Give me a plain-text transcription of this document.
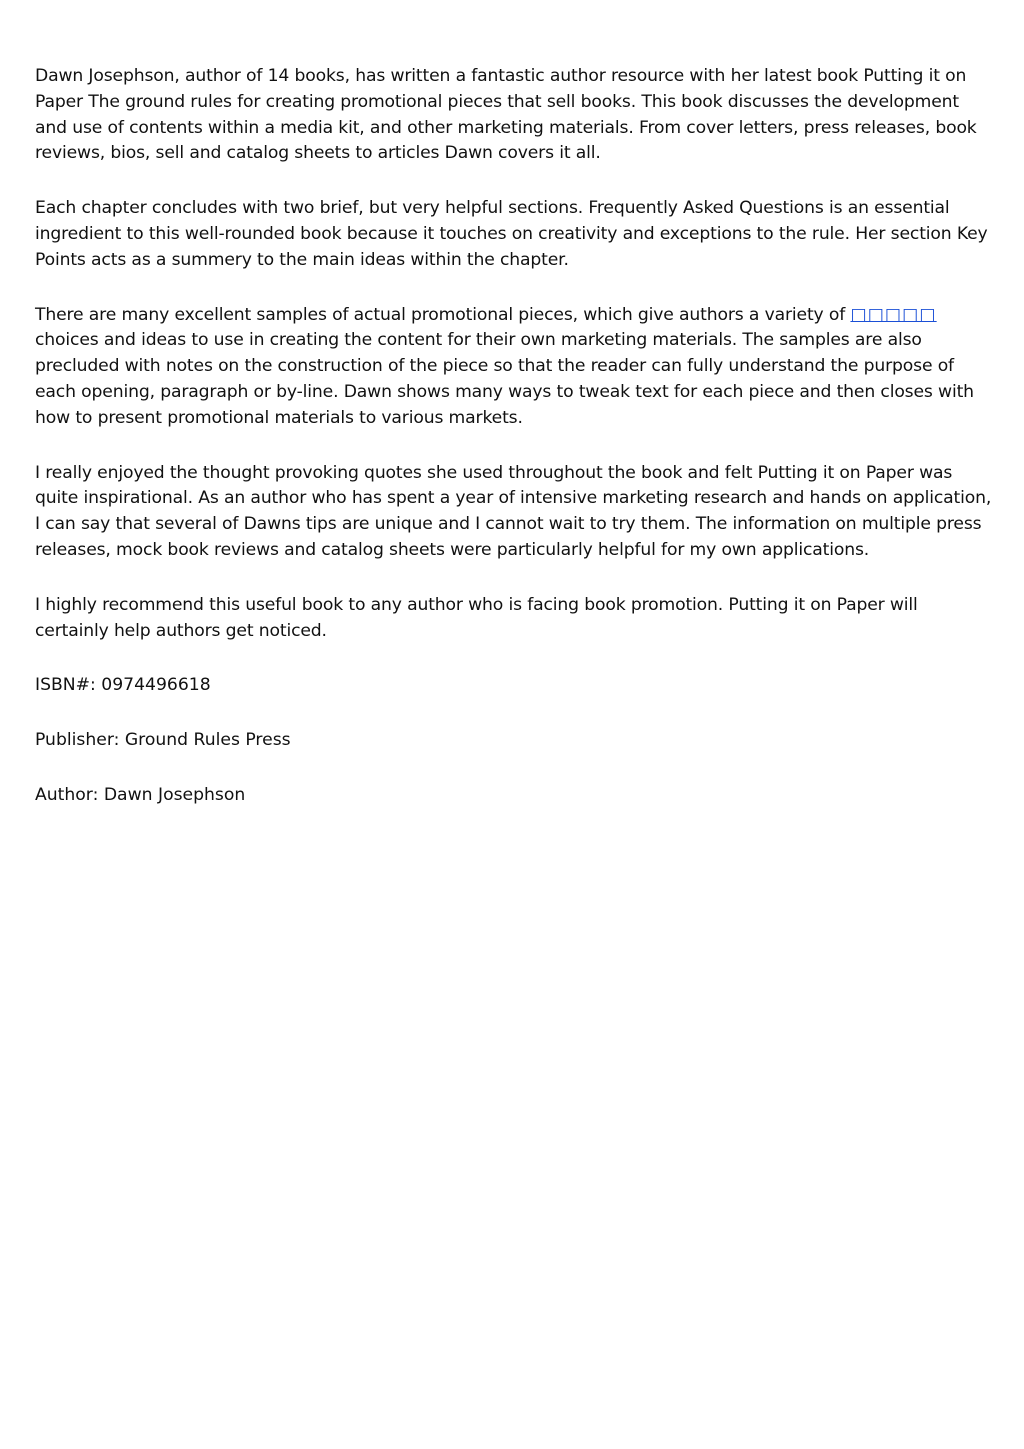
Dawn Josephson, author of 14 books, has written a fantastic author resource with her latest book Putting it on Paper The ground rules for creating promotional pieces that sell books. This book discusses the development and use of contents within a media kit, and other marketing materials. From cover letters, press releases, book reviews, bios, sell and catalog sheets to articles Dawn covers it all.

Each chapter concludes with two brief, but very helpful sections. Frequently Asked Questions is an essential ingredient to this well-rounded book because it touches on creativity and exceptions to the rule. Her section Key Points acts as a summery to the main ideas within the chapter.

There are many excellent samples of actual promotional pieces, which give authors a variety of □□□□□ choices and ideas to use in creating the content for their own marketing materials. The samples are also precluded with notes on the construction of the piece so that the reader can fully understand the purpose of each opening, paragraph or by-line. Dawn shows many ways to tweak text for each piece and then closes with how to present promotional materials to various markets.

I really enjoyed the thought provoking quotes she used throughout the book and felt Putting it on Paper was quite inspirational. As an author who has spent a year of intensive marketing research and hands on application, I can say that several of Dawns tips are unique and I cannot wait to try them. The information on multiple press releases, mock book reviews and catalog sheets were particularly helpful for my own applications.

I highly recommend this useful book to any author who is facing book promotion. Putting it on Paper will certainly help authors get noticed.

ISBN#: 0974496618

Publisher: Ground Rules Press

Author: Dawn Josephson
